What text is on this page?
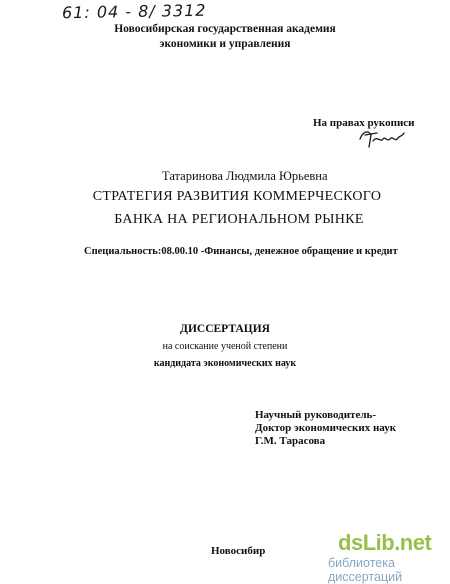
61: 04 - 8/ 3312
Новосибирская государственная академия
экономики и управления
На правах рукописи
Татаринова Людмила Юрьевна
СТРАТЕГИЯ РАЗВИТИЯ КОММЕРЧЕСКОГО
БАНКА НА РЕГИОНАЛЬНОМ РЫНКЕ
Специальность:08.00.10 -Финансы, денежное обращение и кредит
ДИССЕРТАЦИЯ
на соискание ученой степени
кандидата экономических наук
Научный руководитель-
Доктор экономических наук
Г.М. Тарасова
Новосибир	dsLib.net
библиотека диссертаций
